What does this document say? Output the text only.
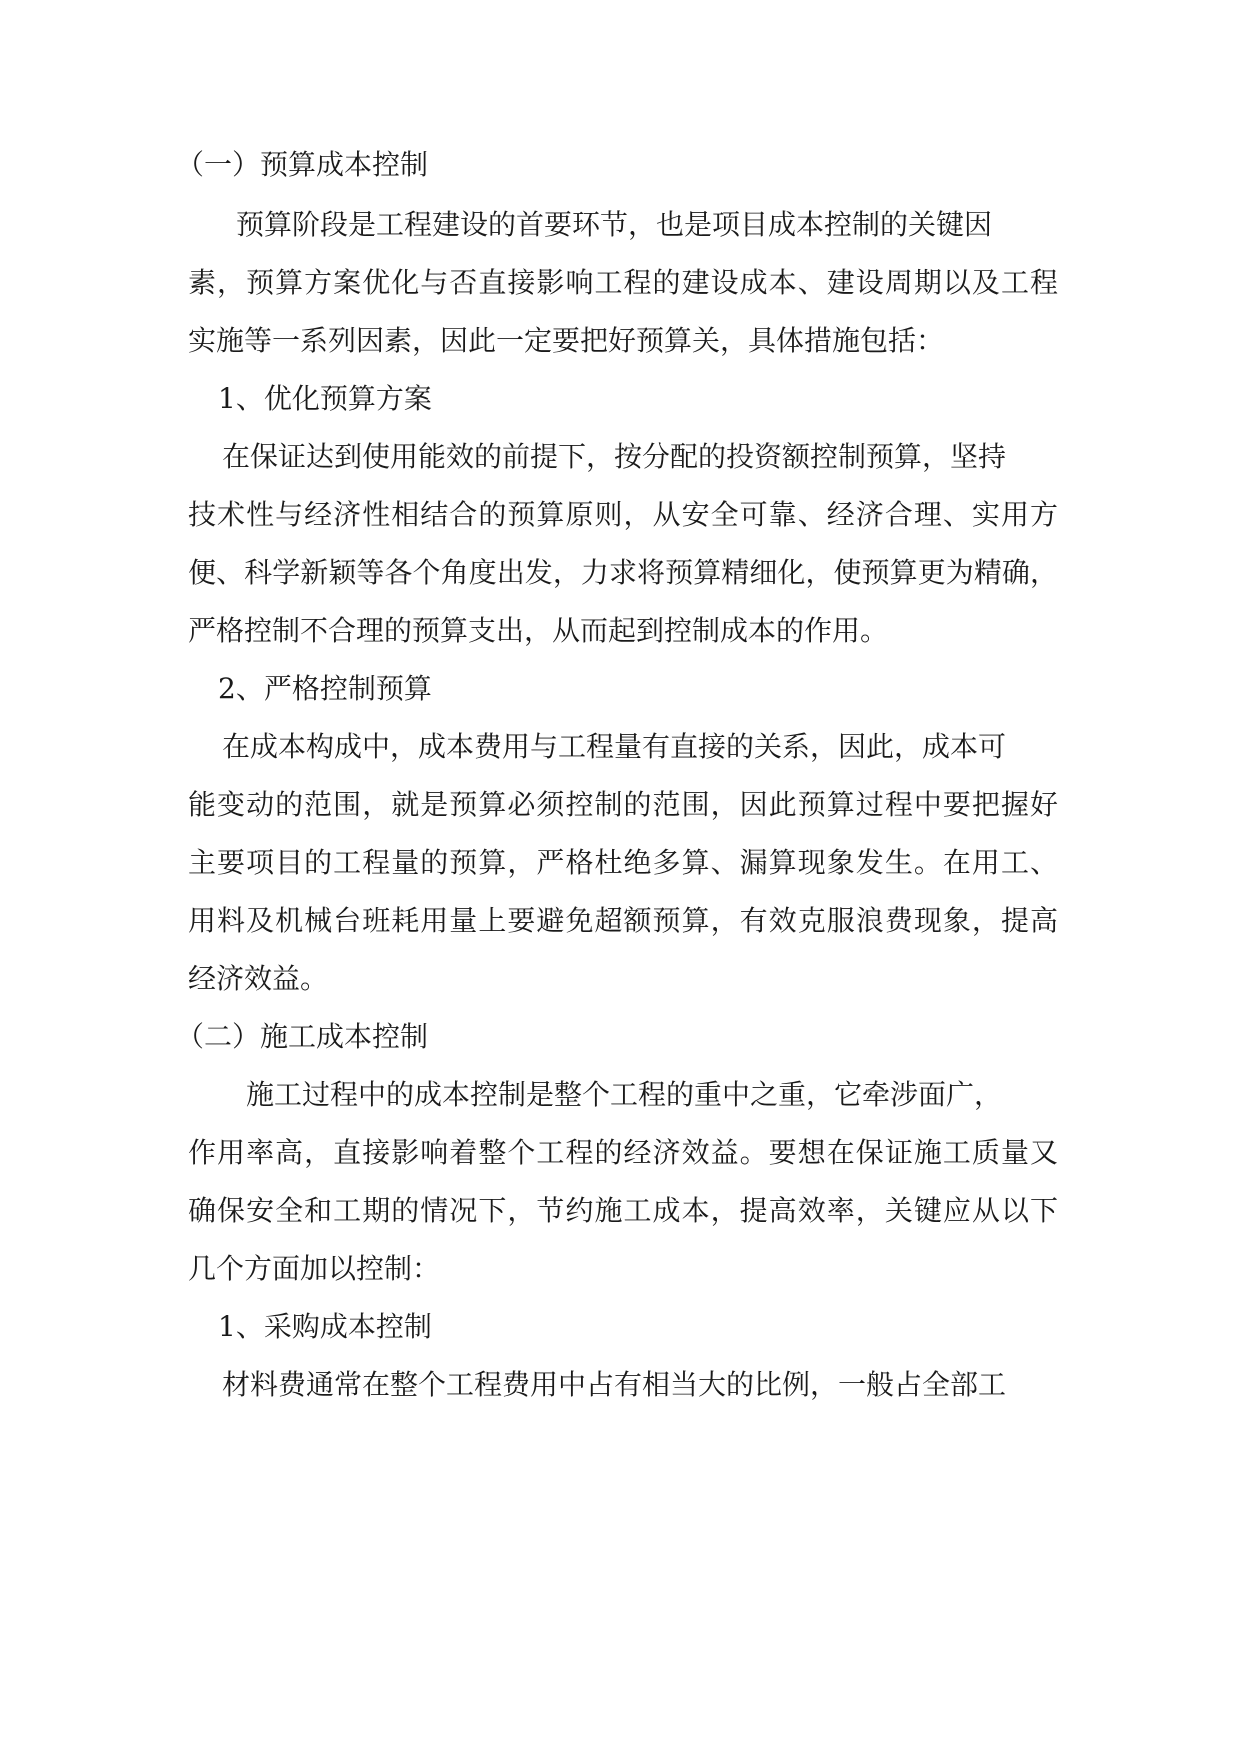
（一）预算成本控制
预算阶段是工程建设的首要环节，也是项目成本控制的关键因
素，预算方案优化与否直接影响工程的建设成本、建设周期以及工程
实施等一系列因素，因此一定要把好预算关，具体措施包括：
1、优化预算方案
在保证达到使用能效的前提下，按分配的投资额控制预算，坚持
技术性与经济性相结合的预算原则，从安全可靠、经济合理、实用方
便、科学新颖等各个角度出发，力求将预算精细化，使预算更为精确，
严格控制不合理的预算支出，从而起到控制成本的作用。
2、严格控制预算
在成本构成中，成本费用与工程量有直接的关系，因此，成本可
能变动的范围，就是预算必须控制的范围，因此预算过程中要把握好
主要项目的工程量的预算，严格杜绝多算、漏算现象发生。在用工、
用料及机械台班耗用量上要避免超额预算，有效克服浪费现象，提高
经济效益。
（二）施工成本控制
施工过程中的成本控制是整个工程的重中之重，它牵涉面广，
作用率高，直接影响着整个工程的经济效益。要想在保证施工质量又
确保安全和工期的情况下，节约施工成本，提高效率，关键应从以下
几个方面加以控制：
1、采购成本控制
材料费通常在整个工程费用中占有相当大的比例，一般占全部工
